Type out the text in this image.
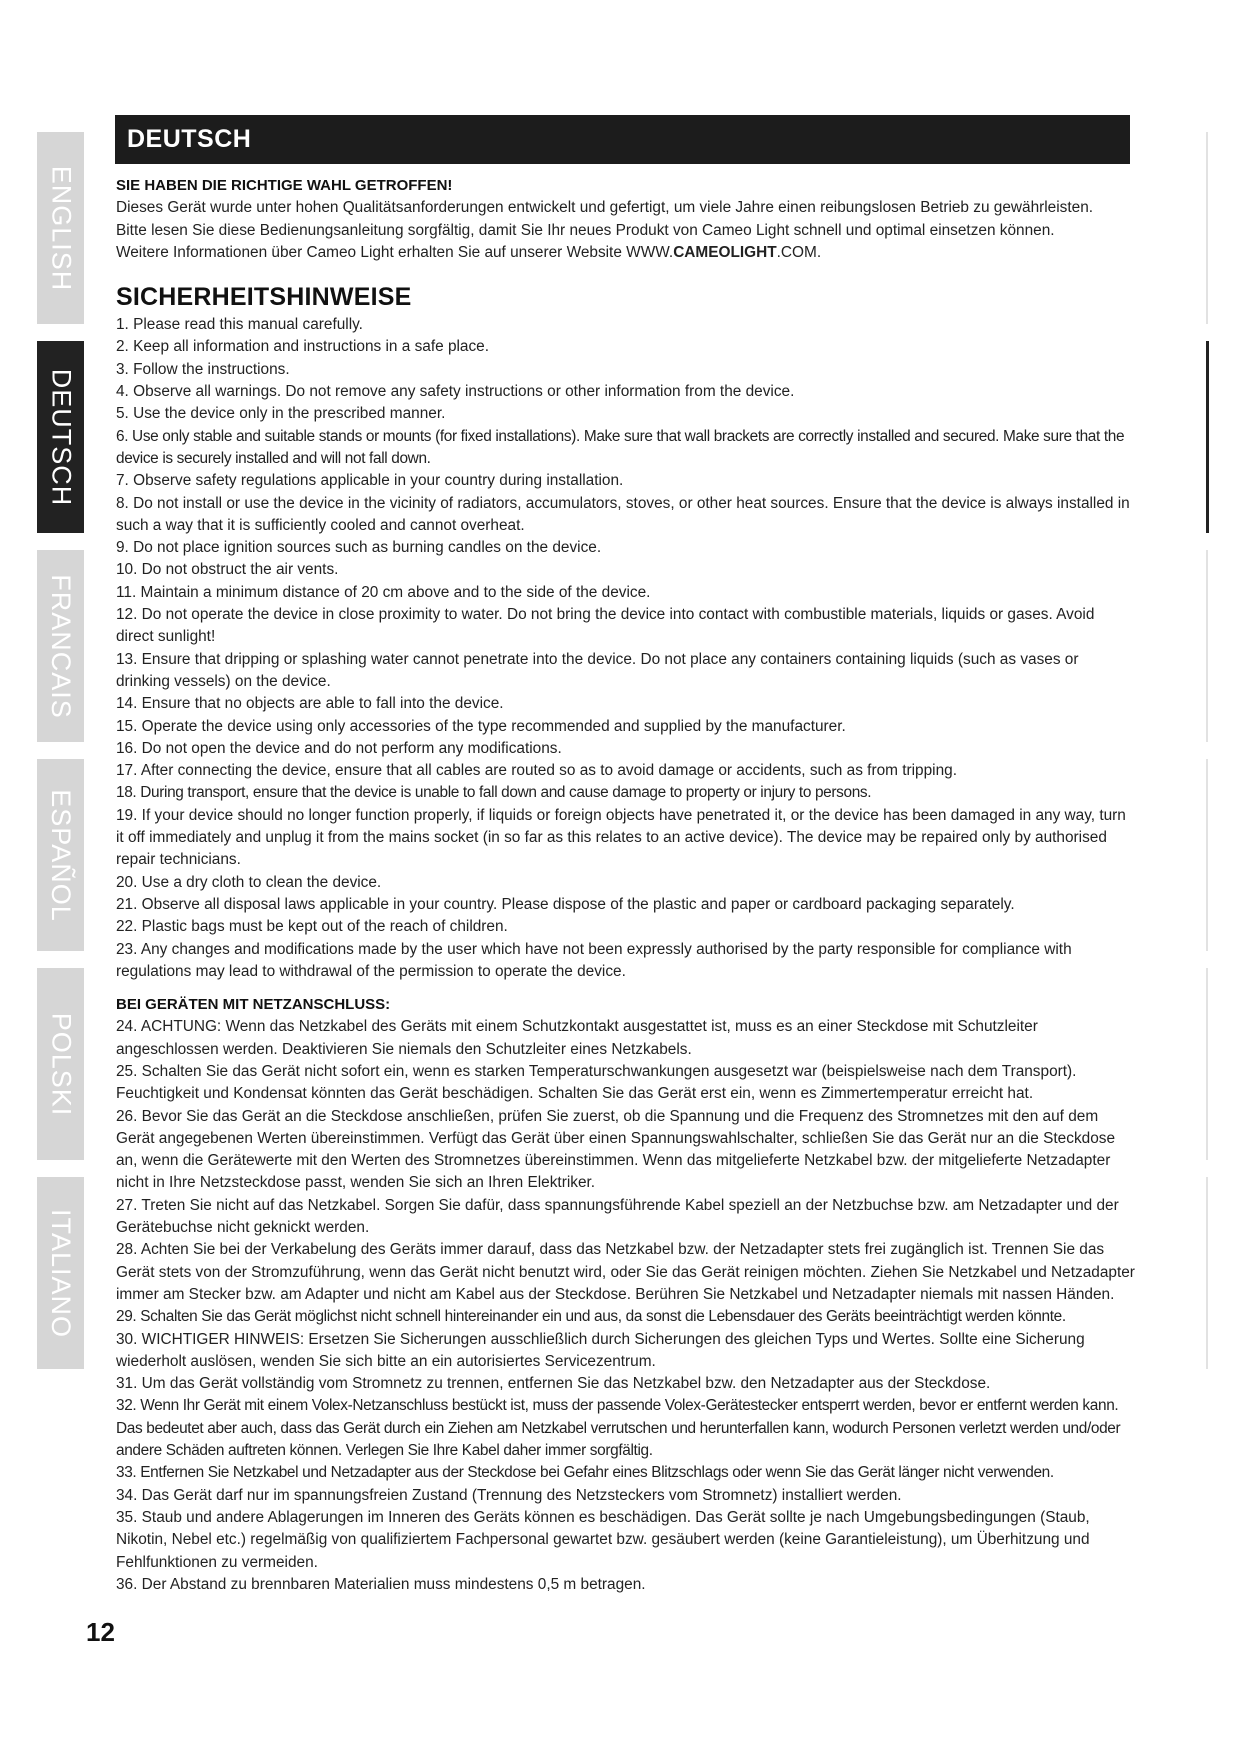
ENGLISH
DEUTSCH
FRANCAIS
ESPAÑOL
POLSKI
ITALIANO
DEUTSCH

SIE HABEN DIE RICHTIGE WAHL GETROFFEN!

Dieses Gerät wurde unter hohen Qualitätsanforderungen entwickelt und gefertigt, um viele Jahre einen reibungslosen Betrieb zu gewährleisten.

Bitte lesen Sie diese Bedienungsanleitung sorgfältig, damit Sie Ihr neues Produkt von Cameo Light schnell und optimal einsetzen können.

Weitere Informationen über Cameo Light erhalten Sie auf unserer Website WWW.CAMEOLIGHT.COM.

SICHERHEITSHINWEISE

1. Please read this manual carefully.
2. Keep all information and instructions in a safe place.
3. Follow the instructions.
4. Observe all warnings. Do not remove any safety instructions or other information from the device.
5. Use the device only in the prescribed manner.
6. Use only stable and suitable stands or mounts (for fixed installations). Make sure that wall brackets are correctly installed and secured. Make sure that the device is securely installed and will not fall down.
7. Observe safety regulations applicable in your country during installation.
8. Do not install or use the device in the vicinity of radiators, accumulators, stoves, or other heat sources. Ensure that the device is always installed in such a way that it is sufficiently cooled and cannot overheat.
9. Do not place ignition sources such as burning candles on the device.
10. Do not obstruct the air vents.
11. Maintain a minimum distance of 20 cm above and to the side of the device.
12. Do not operate the device in close proximity to water. Do not bring the device into contact with combustible materials, liquids or gases. Avoid direct sunlight!
13. Ensure that dripping or splashing water cannot penetrate into the device. Do not place any containers containing liquids (such as vases or drinking vessels) on the device.
14. Ensure that no objects are able to fall into the device.
15. Operate the device using only accessories of the type recommended and supplied by the manufacturer.
16. Do not open the device and do not perform any modifications.
17. After connecting the device, ensure that all cables are routed so as to avoid damage or accidents, such as from tripping.
18. During transport, ensure that the device is unable to fall down and cause damage to property or injury to persons.
19. If your device should no longer function properly, if liquids or foreign objects have penetrated it, or the device has been damaged in any way, turn it off immediately and unplug it from the mains socket (in so far as this relates to an active device). The device may be repaired only by authorised repair technicians.
20. Use a dry cloth to clean the device.
21. Observe all disposal laws applicable in your country. Please dispose of the plastic and paper or cardboard packaging separately.
22. Plastic bags must be kept out of the reach of children.
23. Any changes and modifications made by the user which have not been expressly authorised by the party responsible for compliance with regulations may lead to withdrawal of the permission to operate the device.

BEI GERÄTEN MIT NETZANSCHLUSS:

24. ACHTUNG: Wenn das Netzkabel des Geräts mit einem Schutzkontakt ausgestattet ist, muss es an einer Steckdose mit Schutzleiter angeschlossen werden. Deaktivieren Sie niemals den Schutzleiter eines Netzkabels.
25. Schalten Sie das Gerät nicht sofort ein, wenn es starken Temperaturschwankungen ausgesetzt war (beispielsweise nach dem Transport). Feuchtigkeit und Kondensat könnten das Gerät beschädigen. Schalten Sie das Gerät erst ein, wenn es Zimmertemperatur erreicht hat.
26. Bevor Sie das Gerät an die Steckdose anschließen, prüfen Sie zuerst, ob die Spannung und die Frequenz des Stromnetzes mit den auf dem Gerät angegebenen Werten übereinstimmen. Verfügt das Gerät über einen Spannungswahlschalter, schließen Sie das Gerät nur an die Steckdose an, wenn die Gerätewerte mit den Werten des Stromnetzes übereinstimmen. Wenn das mitgelieferte Netzkabel bzw. der mitgelieferte Netzadapter nicht in Ihre Netzsteckdose passt, wenden Sie sich an Ihren Elektriker.
27. Treten Sie nicht auf das Netzkabel. Sorgen Sie dafür, dass spannungsführende Kabel speziell an der Netzbuchse bzw. am Netzadapter und der Gerätebuchse nicht geknickt werden.
28. Achten Sie bei der Verkabelung des Geräts immer darauf, dass das Netzkabel bzw. der Netzadapter stets frei zugänglich ist. Trennen Sie das Gerät stets von der Stromzuführung, wenn das Gerät nicht benutzt wird, oder Sie das Gerät reinigen möchten. Ziehen Sie Netzkabel und Netzadapter immer am Stecker bzw. am Adapter und nicht am Kabel aus der Steckdose. Berühren Sie Netzkabel und Netzadapter niemals mit nassen Händen.
29. Schalten Sie das Gerät möglichst nicht schnell hintereinander ein und aus, da sonst die Lebensdauer des Geräts beeinträchtigt werden könnte.
30. WICHTIGER HINWEIS: Ersetzen Sie Sicherungen ausschließlich durch Sicherungen des gleichen Typs und Wertes. Sollte eine Sicherung wiederholt auslösen, wenden Sie sich bitte an ein autorisiertes Servicezentrum.
31. Um das Gerät vollständig vom Stromnetz zu trennen, entfernen Sie das Netzkabel bzw. den Netzadapter aus der Steckdose.
32. Wenn Ihr Gerät mit einem Volex-Netzanschluss bestückt ist, muss der passende Volex-Gerätestecker entsperrt werden, bevor er entfernt werden kann. Das bedeutet aber auch, dass das Gerät durch ein Ziehen am Netzkabel verrutschen und herunterfallen kann, wodurch Personen verletzt werden und/oder andere Schäden auftreten können. Verlegen Sie Ihre Kabel daher immer sorgfältig.
33. Entfernen Sie Netzkabel und Netzadapter aus der Steckdose bei Gefahr eines Blitzschlags oder wenn Sie das Gerät länger nicht verwenden.
34. Das Gerät darf nur im spannungsfreien Zustand (Trennung des Netzsteckers vom Stromnetz) installiert werden.
35. Staub und andere Ablagerungen im Inneren des Geräts können es beschädigen. Das Gerät sollte je nach Umgebungsbedingungen (Staub, Nikotin, Nebel etc.) regelmäßig von qualifiziertem Fachpersonal gewartet bzw. gesäubert werden (keine Garantieleistung), um Überhitzung und Fehlfunktionen zu vermeiden.
36. Der Abstand zu brennbaren Materialien muss mindestens 0,5 m betragen.
12
